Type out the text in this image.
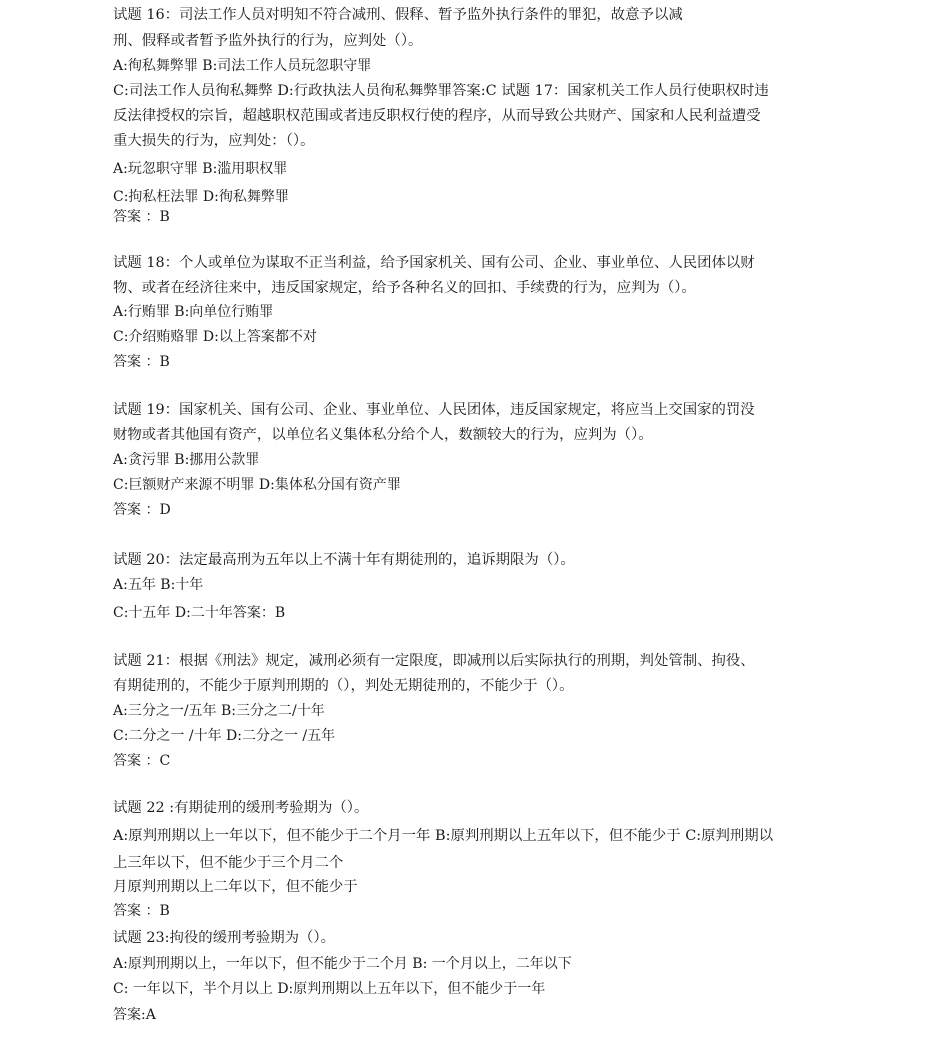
试题 16：司法工作人员对明知不符合减刑、假释、暂予监外执行条件的罪犯，故意予以减
刑、假释或者暂予监外执行的行为，应判处（）。
A:徇私舞弊罪 B:司法工作人员玩忽职守罪
C:司法工作人员徇私舞弊 D:行政执法人员徇私舞弊罪答案:C 试题 17：国家机关工作人员行使职权时违
反法律授权的宗旨，超越职权范围或者违反职权行使的程序，从而导致公共财产、国家和人民利益遭受
重大损失的行为，应判处：（）。
A:玩忽职守罪 B:滥用职权罪
C:拘私枉法罪 D:徇私舞弊罪
答案 ：B
试题 18：个人或单位为谋取不正当利益，给予国家机关、国有公司、企业、事业单位、人民团体以财
物、或者在经济往来中，违反国家规定，给予各种名义的回扣、手续费的行为，应判为（）。
A:行贿罪 B:向单位行贿罪
C:介绍贿赂罪 D:以上答案都不对
答案 ：B
试题 19：国家机关、国有公司、企业、事业单位、人民团体，违反国家规定，将应当上交国家的罚没
财物或者其他国有资产，以单位名义集体私分给个人，数额较大的行为，应判为（）。
A:贪污罪 B:挪用公款罪
C:巨额财产来源不明罪 D:集体私分国有资产罪
答案 ：D
试题 20：法定最高刑为五年以上不满十年有期徒刑的，追诉期限为（）。
A:五年 B:十年
C:十五年 D:二十年答案：B
试题 21：根据《刑法》规定，减刑必须有一定限度，即减刑以后实际执行的刑期，判处管制、拘役、
有期徒刑的，不能少于原判刑期的（），判处无期徒刑的，不能少于（）。
A:三分之一/五年 B:三分之二/十年
C:二分之一 /十年 D:二分之一 /五年
答案 ：C
试题 22 :有期徒刑的缓刑考验期为（）。
A:原判刑期以上一年以下，但不能少于二个月一年 B:原判刑期以上五年以下，但不能少于 C:原判刑期以
上三年以下，但不能少于三个月二个
月原判刑期以上二年以下，但不能少于
答案 ：B
试题 23:拘役的缓刑考验期为（）。
A:原判刑期以上，一年以下，但不能少于二个月 B: 一个月以上，二年以下
C: 一年以下，半个月以上 D:原判刑期以上五年以下，但不能少于一年
答案:A
